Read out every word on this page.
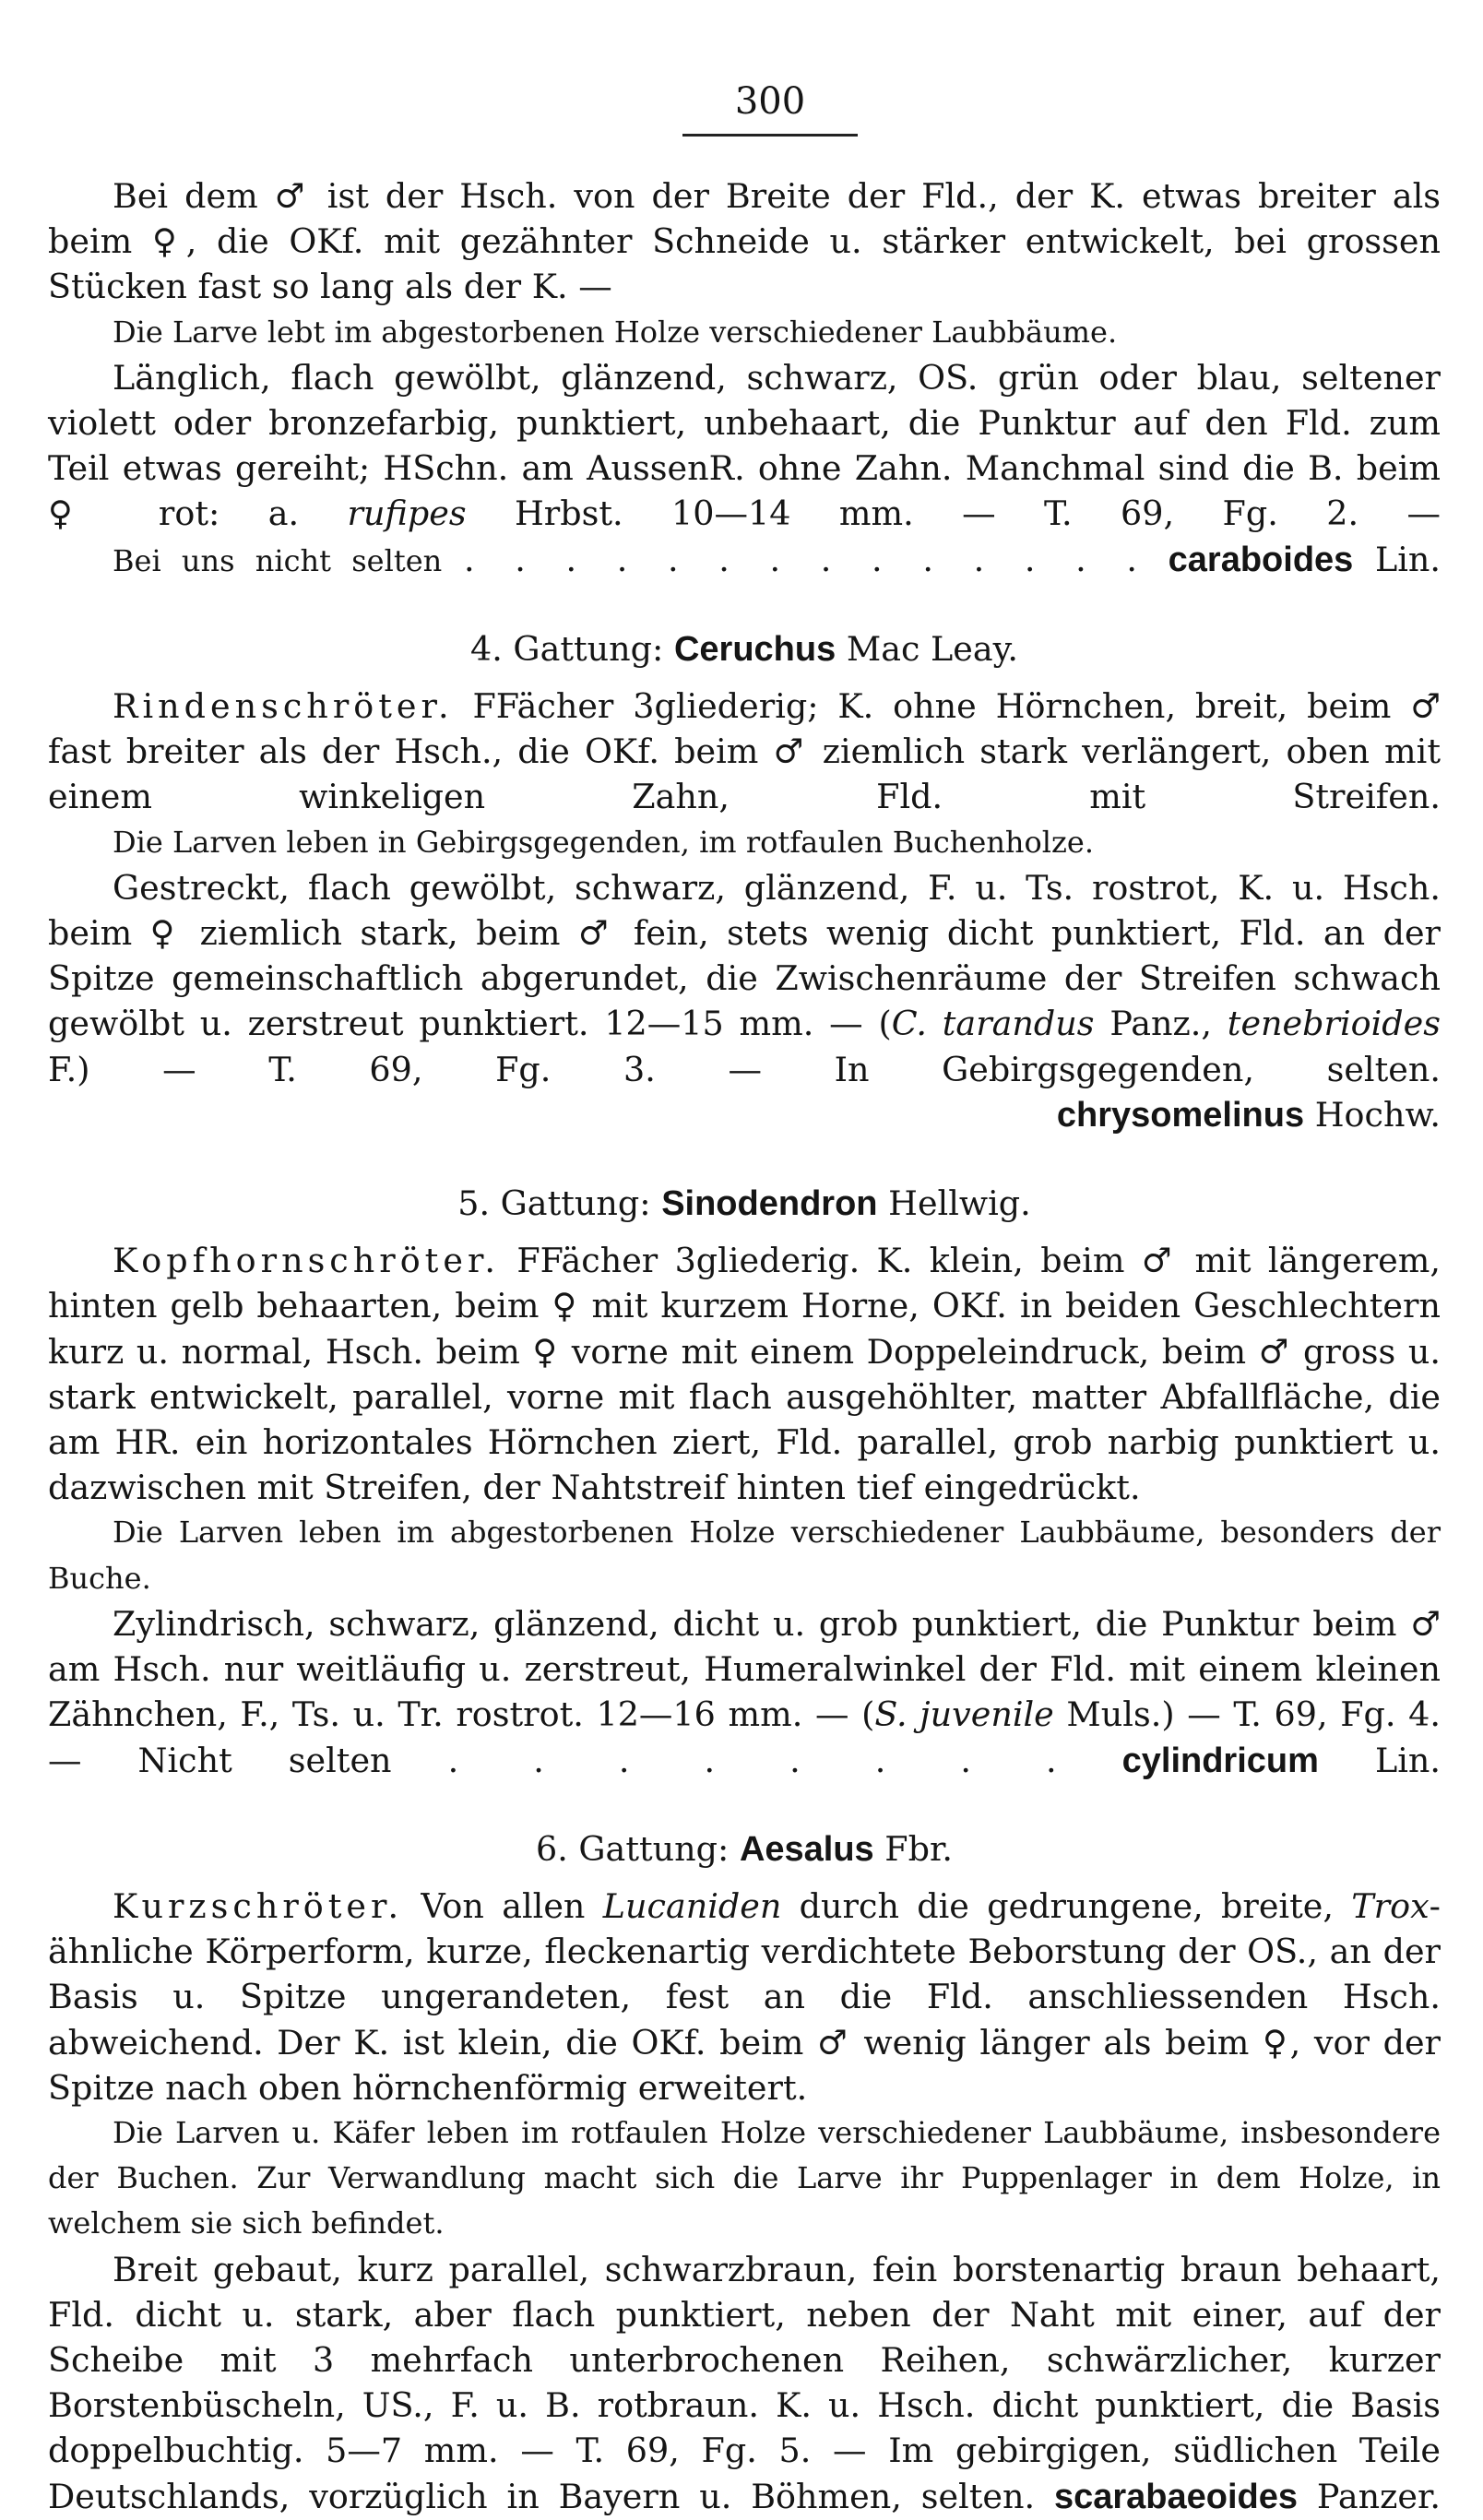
300

Bei dem ♂ ist der Hsch. von der Breite der Fld., der K. etwas breiter als beim ♀, die OKf. mit gezähnter Schneide u. stärker entwickelt, bei grossen Stücken fast so lang als der K. —

Die Larve lebt im abgestorbenen Holze verschiedener Laubbäume.

Länglich, flach gewölbt, glänzend, schwarz, OS. grün oder blau, seltener violett oder bronzefarbig, punktiert, unbehaart, die Punktur auf den Fld. zum Teil etwas gereiht; HSchn. am AussenR. ohne Zahn. Manchmal sind die B. beim ♀ rot: a. rufipes Hrbst. 10—14 mm. — T. 69, Fg. 2. —

Bei uns nicht selten . . . . . . . . . . . . . . caraboides Lin.

4. Gattung: Ceruchus Mac Leay.

Rindenschröter. FFächer 3gliederig; K. ohne Hörnchen, breit, beim ♂ fast breiter als der Hsch., die OKf. beim ♂ ziemlich stark verlängert, oben mit einem winkeligen Zahn, Fld. mit Streifen.

Die Larven leben in Gebirgsgegenden, im rotfaulen Buchenholze.

Gestreckt, flach gewölbt, schwarz, glänzend, F. u. Ts. rostrot, K. u. Hsch. beim ♀ ziemlich stark, beim ♂ fein, stets wenig dicht punktiert, Fld. an der Spitze gemeinschaftlich abgerundet, die Zwischenräume der Streifen schwach gewölbt u. zerstreut punktiert. 12—15 mm. — (C. tarandus Panz., tenebrioides F.) — T. 69, Fg. 3. — In Gebirgsgegenden, selten.

chrysomelinus Hochw.

5. Gattung: Sinodendron Hellwig.

Kopfhornschröter. FFächer 3gliederig. K. klein, beim ♂ mit längerem, hinten gelb behaarten, beim ♀ mit kurzem Horne, OKf. in beiden Geschlechtern kurz u. normal, Hsch. beim ♀ vorne mit einem Doppeleindruck, beim ♂ gross u. stark entwickelt, parallel, vorne mit flach ausgehöhlter, matter Abfallfläche, die am HR. ein horizontales Hörnchen ziert, Fld. parallel, grob narbig punktiert u. dazwischen mit Streifen, der Nahtstreif hinten tief eingedrückt.

Die Larven leben im abgestorbenen Holze verschiedener Laubbäume, besonders der Buche.

Zylindrisch, schwarz, glänzend, dicht u. grob punktiert, die Punktur beim ♂ am Hsch. nur weitläufig u. zerstreut, Humeralwinkel der Fld. mit einem kleinen Zähnchen, F., Ts. u. Tr. rostrot. 12—16 mm. — (S. juvenile Muls.) — T. 69, Fg. 4. — Nicht selten . . . . . . . . cylindricum Lin.

6. Gattung: Aesalus Fbr.

Kurzschröter. Von allen Lucaniden durch die gedrungene, breite, Trox-ähnliche Körperform, kurze, fleckenartig verdichtete Beborstung der OS., an der Basis u. Spitze ungerandeten, fest an die Fld. anschliessenden Hsch. abweichend. Der K. ist klein, die OKf. beim ♂ wenig länger als beim ♀, vor der Spitze nach oben hörnchenförmig erweitert.

Die Larven u. Käfer leben im rotfaulen Holze verschiedener Laubbäume, insbesondere der Buchen. Zur Verwandlung macht sich die Larve ihr Puppenlager in dem Holze, in welchem sie sich befindet.

Breit gebaut, kurz parallel, schwarzbraun, fein borstenartig braun behaart, Fld. dicht u. stark, aber flach punktiert, neben der Naht mit einer, auf der Scheibe mit 3 mehrfach unterbrochenen Reihen, schwärzlicher, kurzer Borstenbüscheln, US., F. u. B. rotbraun. K. u. Hsch. dicht punktiert, die Basis doppelbuchtig. 5—7 mm. — T. 69, Fg. 5. — Im gebirgigen, südlichen Teile Deutschlands, vorzüglich in Bayern u. Böhmen, selten. scarabaeoides Panzer.
